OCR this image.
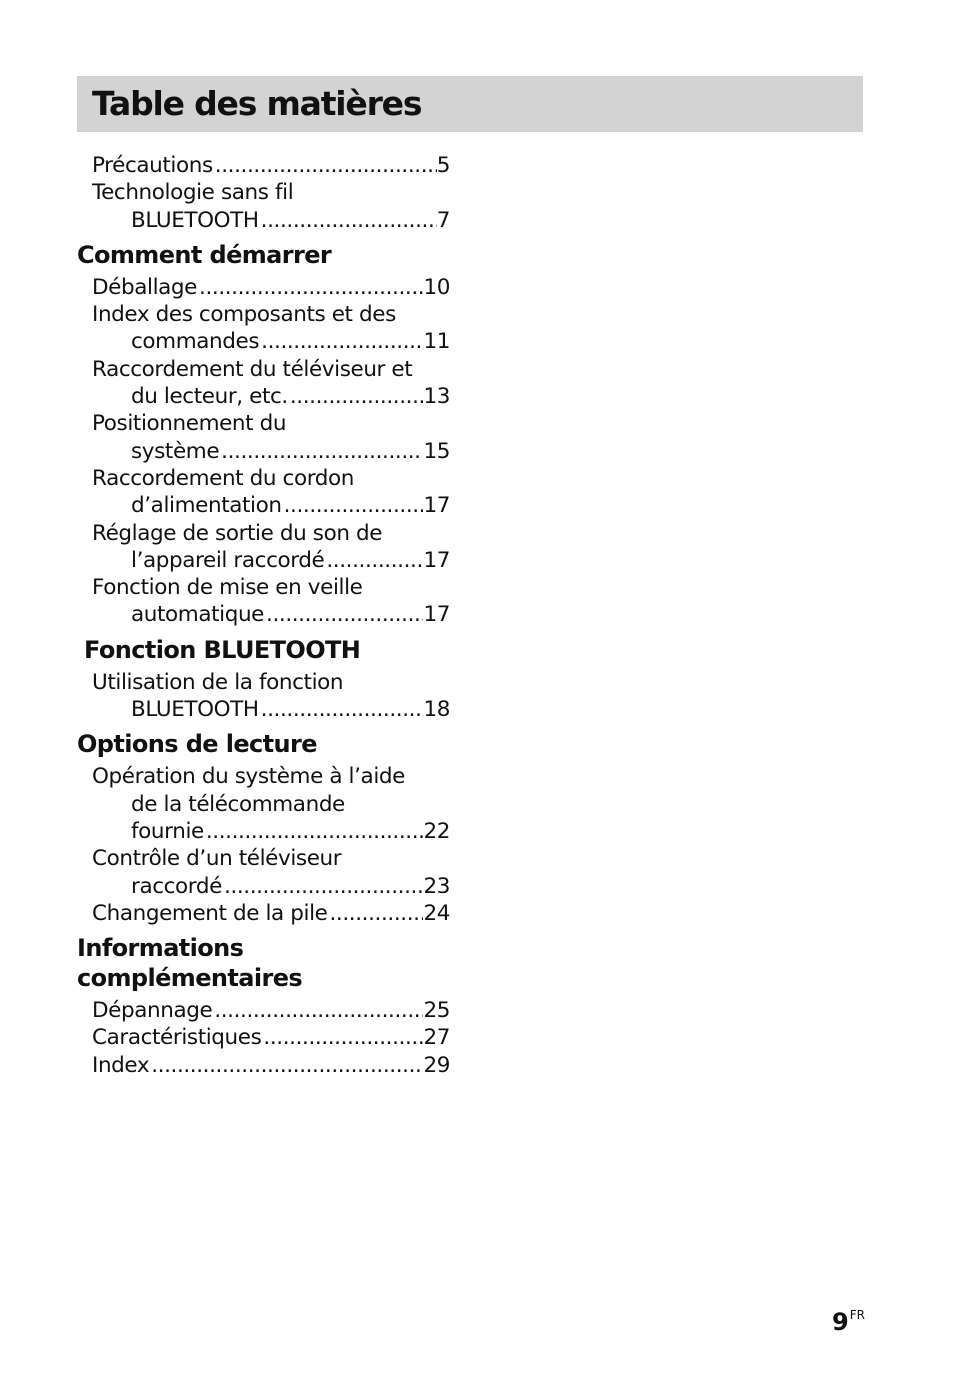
Table des matières
Précautions .....	5
Technologie sans fil
BLUETOOTH .....	7
Comment démarrer
Déballage .....	10
Index des composants et des
commandes .....	11
Raccordement du téléviseur et
du lecteur, etc. .....	13
Positionnement du
système .....	15
Raccordement du cordon
d’alimentation .....	17
Réglage de sortie du son de
l’appareil raccordé .....	17
Fonction de mise en veille
automatique .....	17
Fonction BLUETOOTH
Utilisation de la fonction
BLUETOOTH .....	18
Options de lecture
Opération du système à l’aide
de la télécommande
fournie .....	22
Contrôle d’un téléviseur
raccordé .....	23
Changement de la pile .....	24
Informations
complémentaires
Dépannage .....	25
Caractéristiques .....	27
Index .....	29
$9^{FR}$
